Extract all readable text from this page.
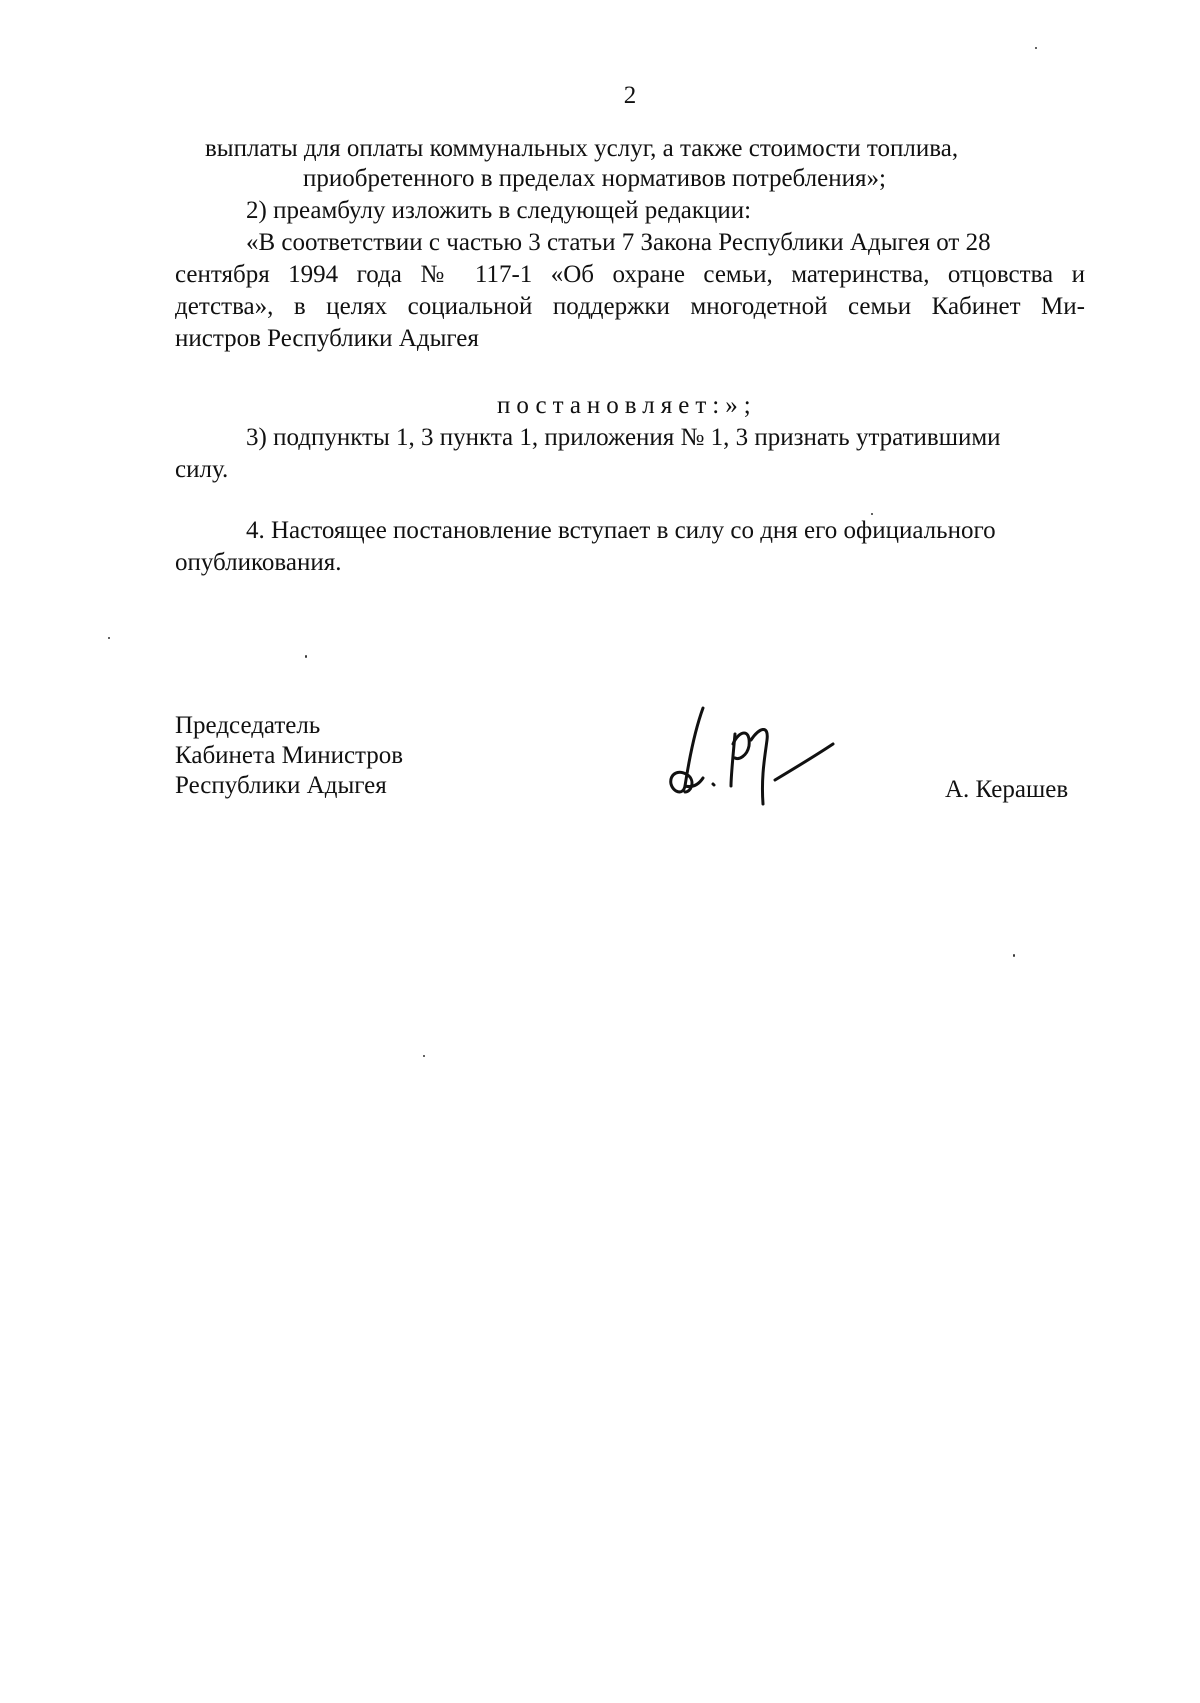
2
выплаты для оплаты коммунальных услуг, а также стоимости топлива,
приобретенного в пределах нормативов потребления»;
2) преамбулу изложить в следующей редакции:
«В соответствии с частью 3 статьи 7 Закона Республики Адыгея от 28
сентября 1994 года № 117-1 «Об охране семьи, материнства, отцовства и
детства», в целях социальной поддержки многодетной семьи Кабинет Ми-
нистров Республики Адыгея
постановляет:»;
3) подпункты 1, 3 пункта 1, приложения № 1, 3 признать утратившими
силу.
4. Настоящее постановление вступает в силу со дня его официального
опубликования.
Председатель
Кабинета Министров
Республики Адыгея	А. Керашев
